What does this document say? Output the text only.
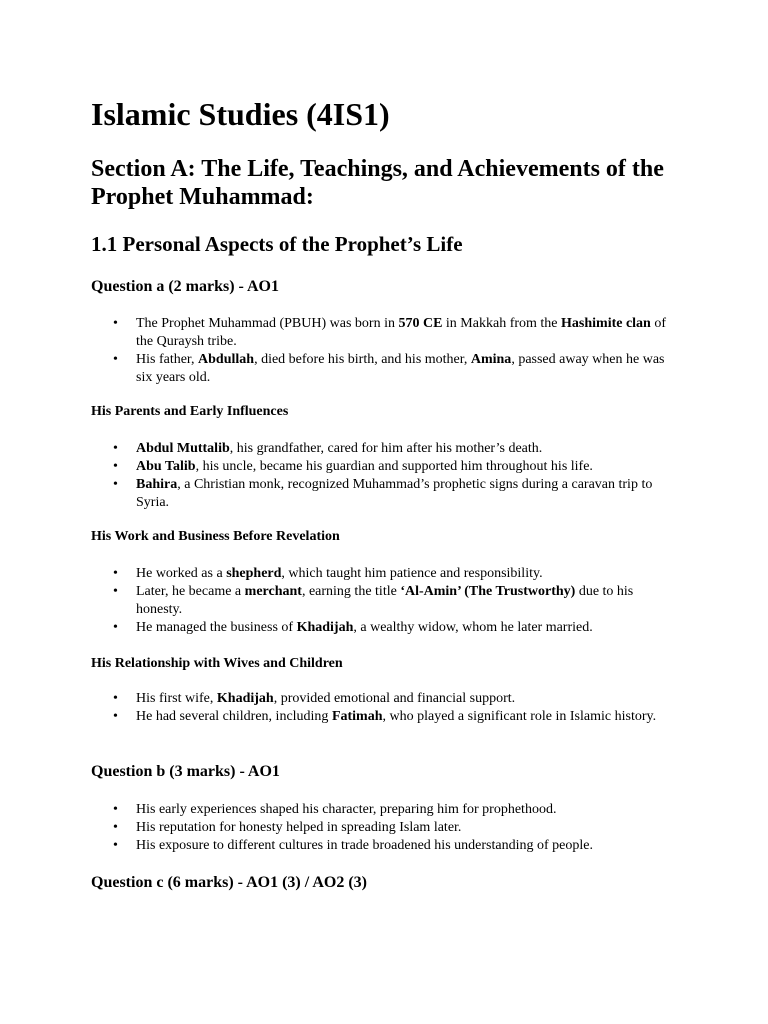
Islamic Studies (4IS1)
Section A: The Life, Teachings, and Achievements of the Prophet Muhammad:
1.1 Personal Aspects of the Prophet’s Life
Question a (2 marks) - AO1
• The Prophet Muhammad (PBUH) was born in 570 CE in Makkah from the Hashimite clan of the Quraysh tribe.
• His father, Abdullah, died before his birth, and his mother, Amina, passed away when he was six years old.
His Parents and Early Influences
• Abdul Muttalib, his grandfather, cared for him after his mother’s death.
• Abu Talib, his uncle, became his guardian and supported him throughout his life.
• Bahira, a Christian monk, recognized Muhammad’s prophetic signs during a caravan trip to Syria.
His Work and Business Before Revelation
• He worked as a shepherd, which taught him patience and responsibility.
• Later, he became a merchant, earning the title ‘Al-Amin’ (The Trustworthy) due to his honesty.
• He managed the business of Khadijah, a wealthy widow, whom he later married.
His Relationship with Wives and Children
• His first wife, Khadijah, provided emotional and financial support.
• He had several children, including Fatimah, who played a significant role in Islamic history.
Question b (3 marks) - AO1
• His early experiences shaped his character, preparing him for prophethood.
• His reputation for honesty helped in spreading Islam later.
• His exposure to different cultures in trade broadened his understanding of people.
Question c (6 marks) - AO1 (3) / AO2 (3)
